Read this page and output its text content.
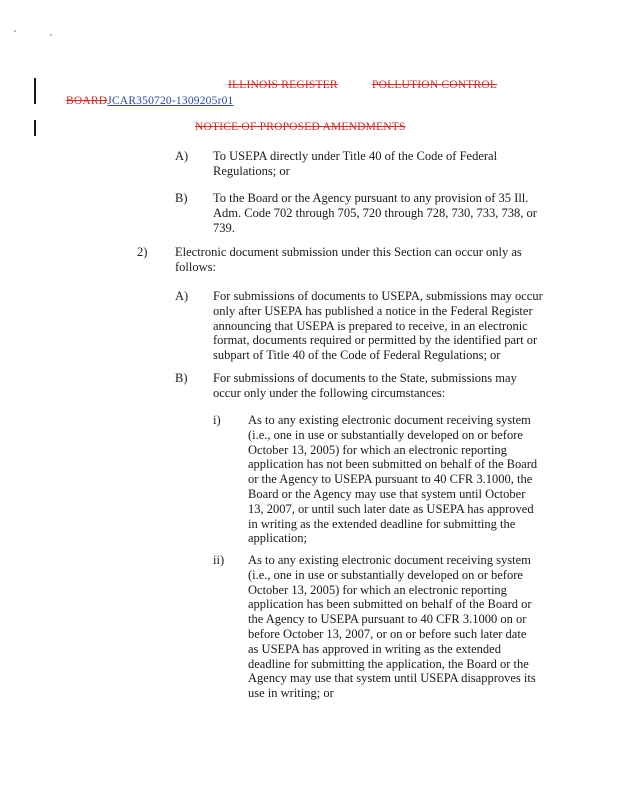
ILLINOIS REGISTER	POLLUTION CONTROL
BOARDJCAR350720-1309205r01
NOTICE OF PROPOSED AMENDMENTS
A) To USEPA directly under Title 40 of the Code of Federal Regulations; or
B) To the Board or the Agency pursuant to any provision of 35 Ill. Adm. Code 702 through 705, 720 through 728, 730, 733, 738, or 739.
2) Electronic document submission under this Section can occur only as follows:
A) For submissions of documents to USEPA, submissions may occur only after USEPA has published a notice in the Federal Register announcing that USEPA is prepared to receive, in an electronic format, documents required or permitted by the identified part or subpart of Title 40 of the Code of Federal Regulations; or
B) For submissions of documents to the State, submissions may occur only under the following circumstances:
i) As to any existing electronic document receiving system (i.e., one in use or substantially developed on or before October 13, 2005) for which an electronic reporting application has not been submitted on behalf of the Board or the Agency to USEPA pursuant to 40 CFR 3.1000, the Board or the Agency may use that system until October 13, 2007, or until such later date as USEPA has approved in writing as the extended deadline for submitting the application;
ii) As to any existing electronic document receiving system (i.e., one in use or substantially developed on or before October 13, 2005) for which an electronic reporting application has been submitted on behalf of the Board or the Agency to USEPA pursuant to 40 CFR 3.1000 on or before October 13, 2007, or on or before such later date as USEPA has approved in writing as the extended deadline for submitting the application, the Board or the Agency may use that system until USEPA disapproves its use in writing; or
